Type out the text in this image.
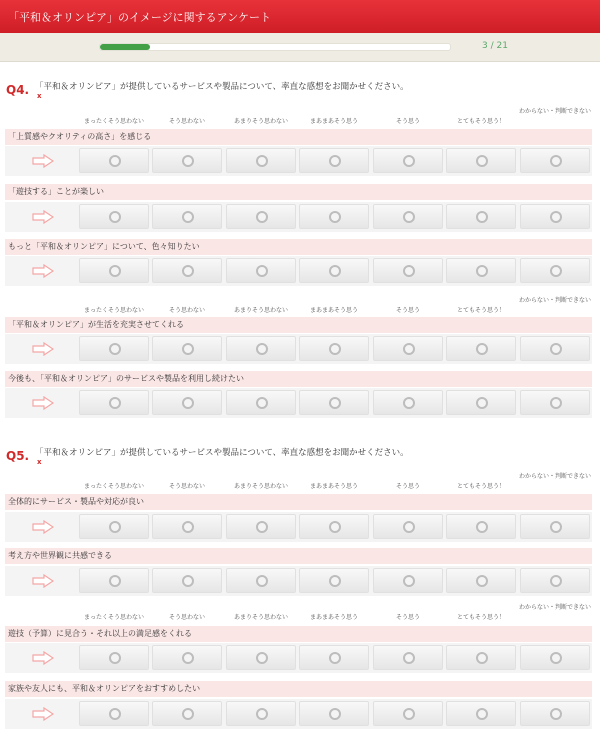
「平和＆オリンピア」のイメージに関するアンケート
3 / 21
Q4. 「平和＆オリンピア」が提供しているサービスや製品について、率直な感想をお聞かせください。
x
まったくそう思わない	そう思わない	あまりそう思わない	まあまあそう思う	そう思う	とてもそう思う！
わからない・判断できない
「上質感やクオリティの高さ」を感じる
「遊技する」ことが楽しい
もっと「平和＆オリンピア」について、色々知りたい
まったくそう思わない	そう思わない	あまりそう思わない	まあまあそう思う	そう思う	とてもそう思う！
わからない・判断できない
「平和＆オリンピア」が生活を充実させてくれる
今後も、「平和＆オリンピア」のサービスや製品を利用し続けたい
Q5. 「平和＆オリンピア」が提供しているサービスや製品について、率直な感想をお聞かせください。
x
まったくそう思わない	そう思わない	あまりそう思わない	まあまあそう思う	そう思う	とてもそう思う！
わからない・判断できない
全体的にサービス・製品や対応が良い
考え方や世界観に共感できる
まったくそう思わない	そう思わない	あまりそう思わない	まあまあそう思う	そう思う	とてもそう思う！
わからない・判断できない
遊技（予算）に見合う・それ以上の満足感をくれる
家族や友人にも、平和＆オリンピアをおすすめしたい
